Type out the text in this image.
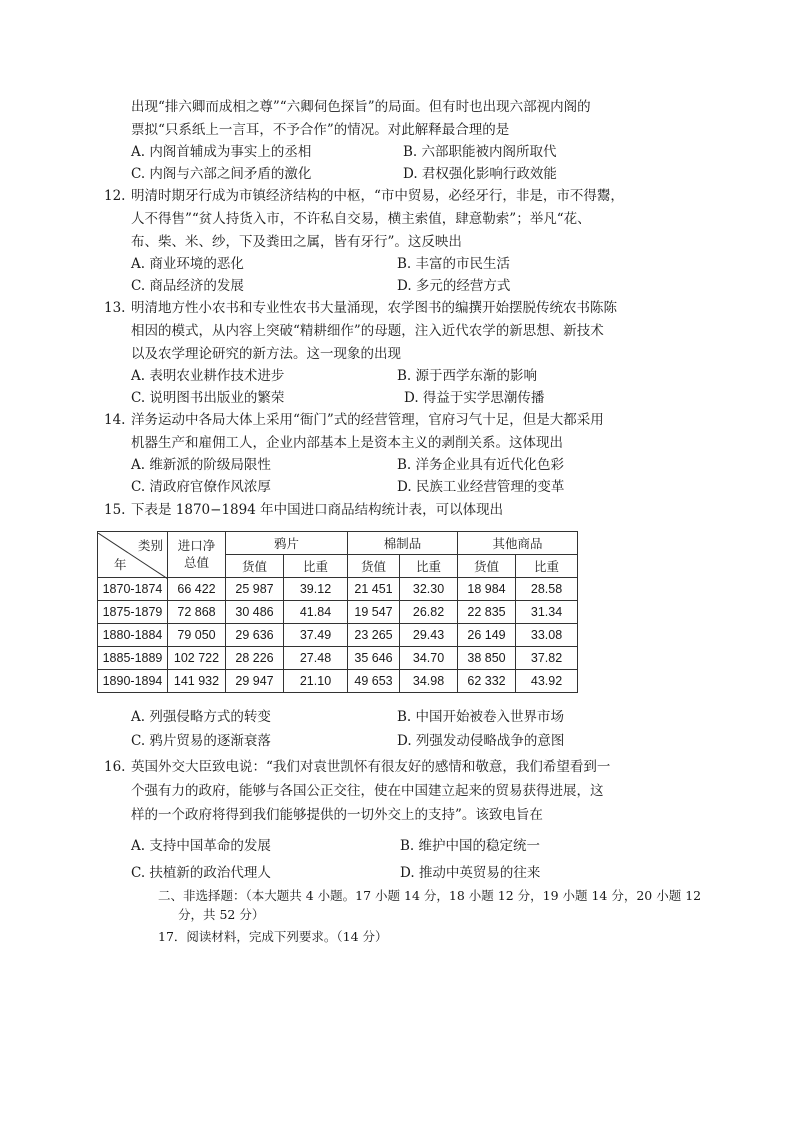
出现“排六卿而成相之尊”“六卿伺色探旨”的局面。但有时也出现六部视内阁的
票拟“只系纸上一言耳，不予合作”的情况。对此解释最合理的是
A. 内阁首辅成为事实上的丞相	B. 六部职能被内阁所取代
C. 内阁与六部之间矛盾的激化	D. 君权强化影响行政效能
12. 明清时期牙行成为市镇经济结构的中枢，“市中贸易，必经牙行，非是，市不得鬻，
人不得售”“贫人持货入市，不许私自交易，横主索值，肆意勒索”；举凡“花、
布、柴、米、纱，下及粪田之属，皆有牙行”。这反映出
A. 商业环境的恶化	B. 丰富的市民生活
C. 商品经济的发展	D. 多元的经营方式
13. 明清地方性小农书和专业性农书大量涌现，农学图书的编撰开始摆脱传统农书陈陈
相因的模式，从内容上突破“精耕细作”的母题，注入近代农学的新思想、新技术
以及农学理论研究的新方法。这一现象的出现
A. 表明农业耕作技术进步	B. 源于西学东渐的影响
C. 说明图书出版业的繁荣	D. 得益于实学思潮传播
14. 洋务运动中各局大体上采用“衙门”式的经营管理，官府习气十足，但是大都采用
机器生产和雇佣工人，企业内部基本上是资本主义的剥削关系。这体现出
A. 维新派的阶级局限性	B. 洋务企业具有近代化色彩
C. 清政府官僚作风浓厚	D. 民族工业经营管理的变革
15. 下表是 1870−1894 年中国进口商品结构统计表，可以体现出
类别
年	进口净总值	鸦片		棉制品		其他商品	
		货值	比重	货值	比重	货值	比重
1870-1874	66 422	25 987	39.12	21 451	32.30	18 984	28.58
1875-1879	72 868	30 486	41.84	19 547	26.82	22 835	31.34
1880-1884	79 050	29 636	37.49	23 265	29.43	26 149	33.08
1885-1889	102 722	28 226	27.48	35 646	34.70	38 850	37.82
1890-1894	141 932	29 947	21.10	49 653	34.98	62 332	43.92
A. 列强侵略方式的转变	B. 中国开始被卷入世界市场
C. 鸦片贸易的逐渐衰落	D. 列强发动侵略战争的意图
16. 英国外交大臣致电说：“我们对袁世凯怀有很友好的感情和敬意，我们希望看到一
个强有力的政府，能够与各国公正交往，使在中国建立起来的贸易获得进展，这
样的一个政府将得到我们能够提供的一切外交上的支持”。该致电旨在
A. 支持中国革命的发展	B. 维护中国的稳定统一
C. 扶植新的政治代理人	D. 推动中英贸易的往来
二、非选择题：（本大题共 4 小题。17 小题 14 分，18 小题 12 分，19 小题 14 分，20 小题 12
分，共 52 分）
17．阅读材料，完成下列要求。（14 分）
